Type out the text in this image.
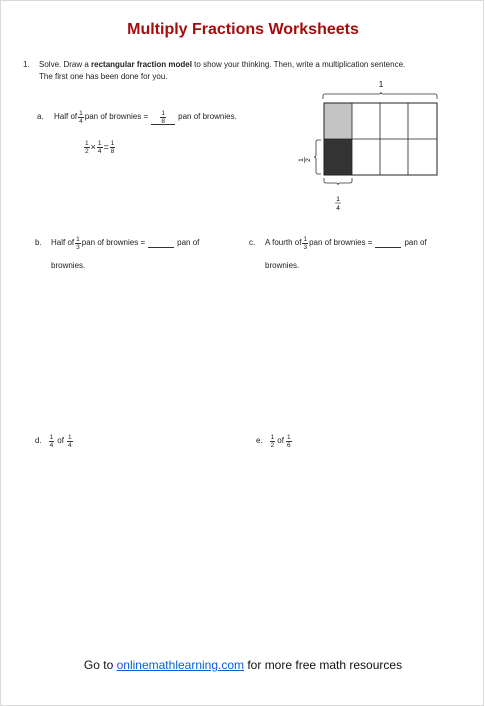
Multiply Fractions Worksheets
1. Solve. Draw a rectangular fraction model to show your thinking. Then, write a multiplication sentence.
The first one has been done for you.
a. Half of $\frac{1}{4}$ pan of brownies = $\frac{1}{8}$ pan of brownies.
$\frac{1}{2} \times \frac{1}{4} = \frac{1}{8}$
1
1 2
1
4
b. Half of $\frac{1}{3}$ pan of brownies =	pan of
brownies.
c. A fourth of $\frac{1}{3}$ pan of brownies =	pan of
brownies.
d. $\frac{1}{4}$ of $\frac{1}{4}$	e. $\frac{1}{2}$ of $\frac{1}{6}$
Go to onlinemathlearning.com for more free math resources
